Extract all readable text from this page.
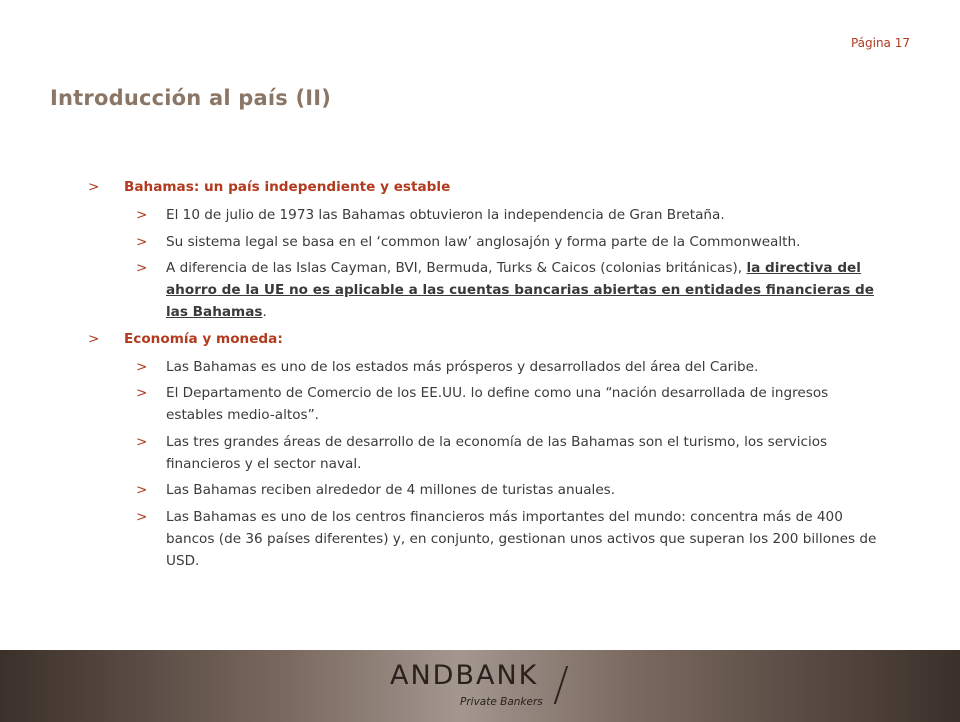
Página 17
Introducción al país (II)
>	Bahamas: un país independiente y estable
>	El 10 de julio de 1973 las Bahamas obtuvieron la independencia de Gran Bretaña.
>	Su sistema legal se basa en el ‘common law’ anglosajón y forma parte de la Commonwealth.
>	A diferencia de las Islas Cayman, BVI, Bermuda, Turks & Caicos (colonias británicas), la directiva del ahorro de la UE no es aplicable a las cuentas bancarias abiertas en entidades financieras de las Bahamas.
>	Economía y moneda:
>	Las Bahamas es uno de los estados más prósperos y desarrollados del área del Caribe.
>	El Departamento de Comercio de los EE.UU. lo define como una “nación desarrollada de ingresos estables medio-altos”.
>	Las tres grandes áreas de desarrollo de la economía de las Bahamas son el turismo, los servicios financieros y el sector naval.
>	Las Bahamas reciben alrededor de 4 millones de turistas anuales.
>	Las Bahamas es uno de los centros financieros más importantes del mundo: concentra más de 400 bancos (de 36 países diferentes) y, en conjunto, gestionan unos activos que superan los 200 billones de USD.
ANDBANK
Private Bankers
